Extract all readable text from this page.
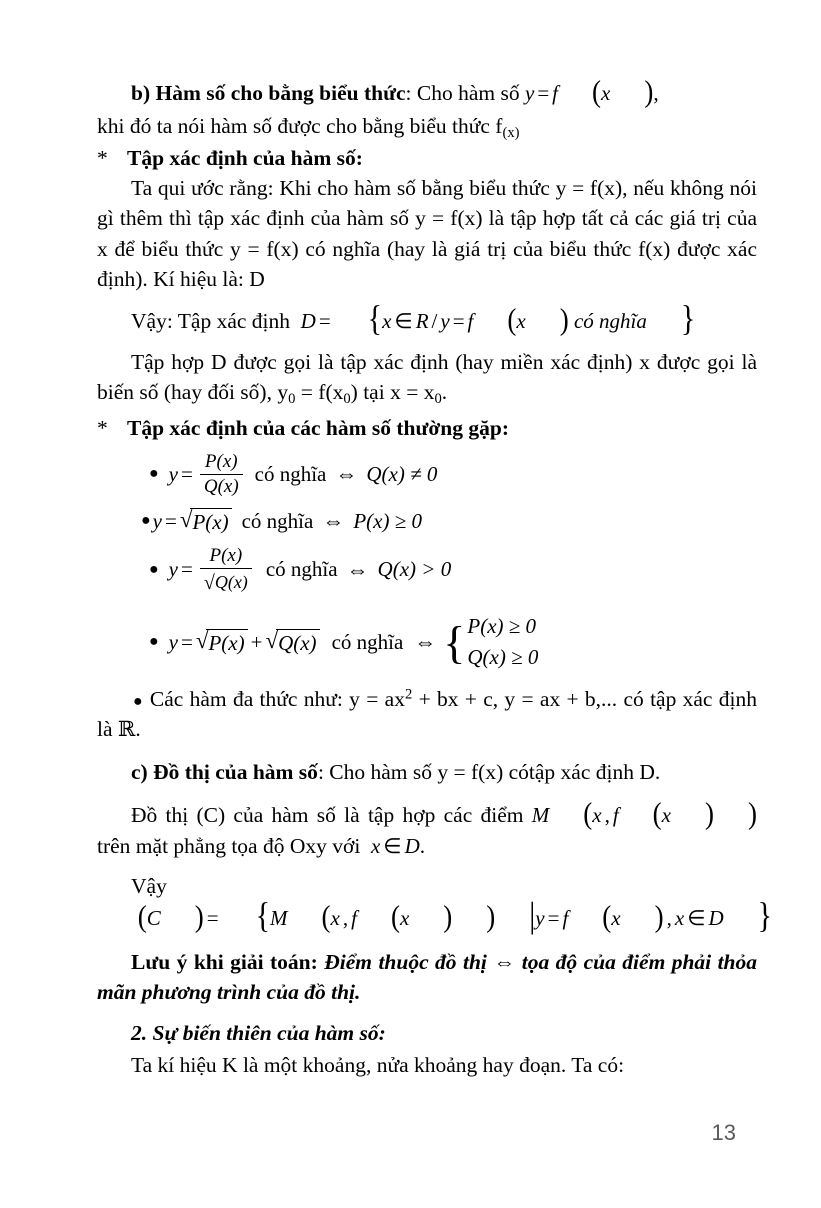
b) Hàm số cho bằng biểu thức: Cho hàm số y = f (x ),

khi đó ta nói hàm số được cho bằng biểu thức $f_{(x)}$

* Tập xác định của hàm số:

Ta qui ước rằng: Khi cho hàm số bằng biểu thức y = f(x), nếu không nói gì thêm thì tập xác định của hàm số y = f(x) là tập hợp tất cả các giá trị của x để biểu thức y = f(x) có nghĩa (hay là giá trị của biểu thức f(x) được xác định). Kí hiệu là: D

Vậy: Tập xác định  D = {x ∈ R / y = f (x ) có nghĩa }

Tập hợp D được gọi là tập xác định (hay miền xác định) x được gọi là biến số (hay đối số), $y_0 = f(x_0)$ tại $x = x_0$.

* Tập xác định của các hàm số thường gặp:
● $y = \frac{P(x)}{Q(x)}$ có nghĩa ⇔ Q(x) ≠ 0
● y = √ P(x) có nghĩa ⇔ P(x) ≥ 0
● $y = \frac{P(x)}{√ Q(x)}$ có nghĩa ⇔ Q(x) > 0
● y = √ P(x) + √ Q(x) có nghĩa ⇔ { P(x) ≥ 0
Q(x) ≥ 0

● Các hàm đa thức như: $y = ax^2$ + bx + c, y = ax + b,... có tập xác định là ℝ.

c) Đồ thị của hàm số: Cho hàm số y = f(x) cótập xác định D.

Đồ thị (C) của hàm số là tập hợp các điểm M (x , f (x ) )trên mặt phẳng tọa độ Oxy với  x ∈ D.

Vậy  (C ) = {M (x , f (x ) ) |y = f (x ) , x ∈ D }

Lưu ý khi giải toán: Điểm thuộc đồ thị ⇔ tọa độ của điểm phải thỏa mãn phương trình của đồ thị.

2. Sự biến thiên của hàm số:

Ta kí hiệu K là một khoảng, nửa khoảng hay đoạn. Ta có:

13
